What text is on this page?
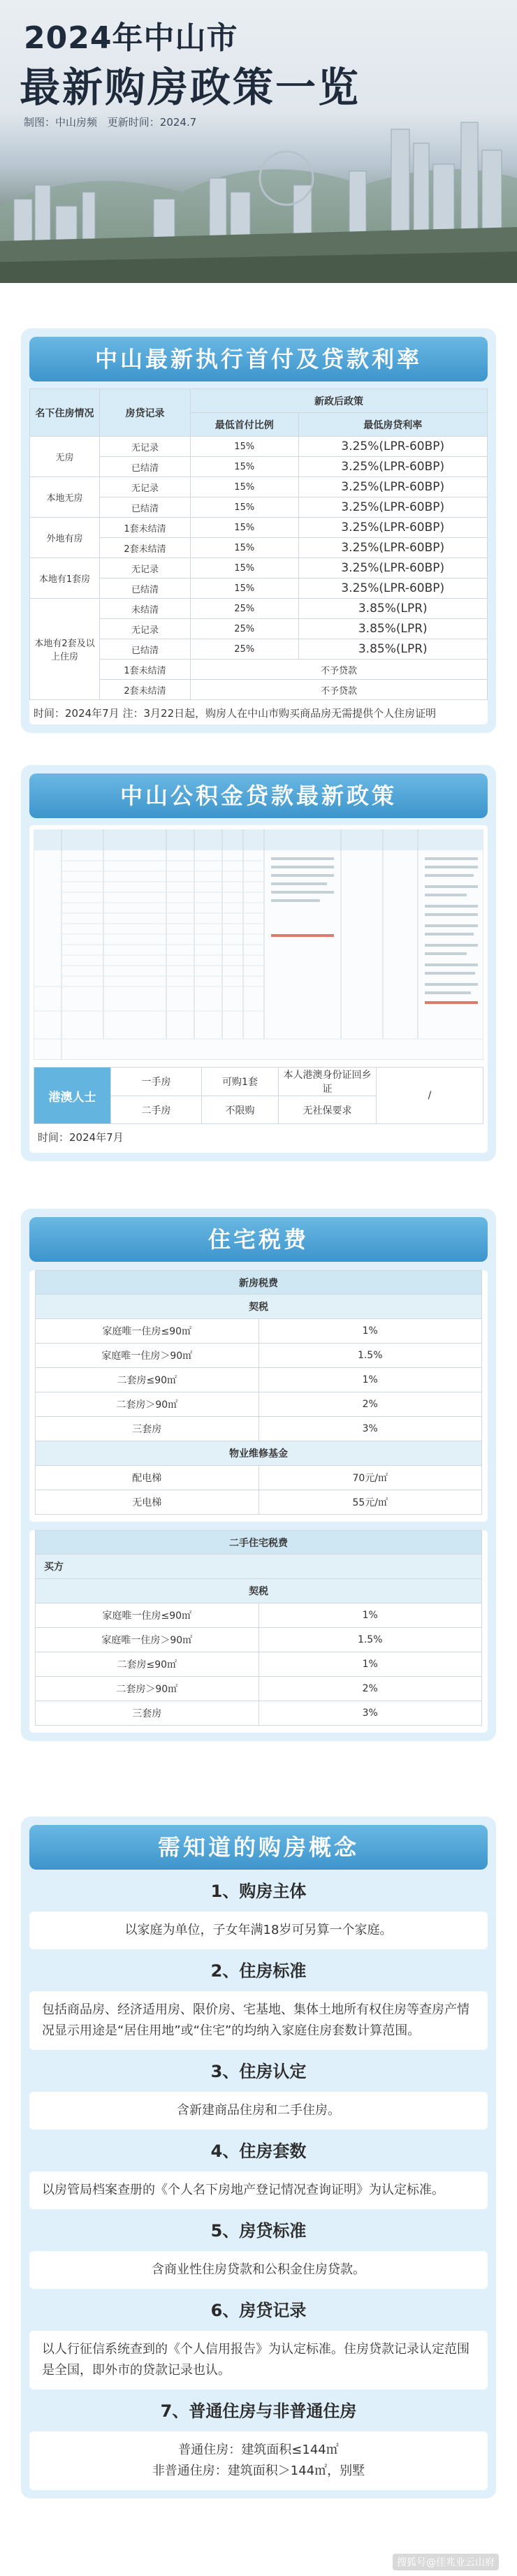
2024年中山市
最新购房政策一览
制图：中山房频 更新时间：2024.7
中山最新执行首付及贷款利率
名下住房情况	房贷记录	新政后政策	
		最低首付比例	最低房贷利率
无房	无记录	15%	3.25%(LPR-60BP)
	已结清	15%	3.25%(LPR-60BP)
本地无房	无记录	15%	3.25%(LPR-60BP)
	已结清	15%	3.25%(LPR-60BP)
外地有房	1套未结清	15%	3.25%(LPR-60BP)
	2套未结清	15%	3.25%(LPR-60BP)
本地有1套房	无记录	15%	3.25%(LPR-60BP)
	已结清	15%	3.25%(LPR-60BP)
本地有2套及以上住房	未结清	25%	3.85%(LPR)
	无记录	25%	3.85%(LPR)
	已结清	25%	3.85%(LPR)
	1套未结清	不予贷款	
	2套未结清	不予贷款	
时间：2024年7月 注：3月22日起，购房人在中山市购买商品房无需提供个人住房证明
中山公积金贷款最新政策
港澳人士	一手房	可购1套	本人港澳身份证回乡证	/
	二手房	不限购	无社保要求	
时间：2024年7月
住宅税费
新房税费	
契税	
家庭唯一住房≤90㎡	1%
家庭唯一住房＞90㎡	1.5%
二套房≤90㎡	1%
二套房＞90㎡	2%
三套房	3%
物业维修基金	
配电梯	70元/㎡
无电梯	55元/㎡
二手住宅税费	
买方	
契税	
家庭唯一住房≤90㎡	1%
家庭唯一住房＞90㎡	1.5%
二套房≤90㎡	1%
二套房＞90㎡	2%
三套房	3%
需知道的购房概念
1、购房主体
以家庭为单位，子女年满18岁可另算一个家庭。
2、住房标准
包括商品房、经济适用房、限价房、宅基地、集体土地所有权住房等查房产情况显示用途是“居住用地”或“住宅”的均纳入家庭住房套数计算范围。
3、住房认定
含新建商品住房和二手住房。
4、住房套数
以房管局档案查册的《个人名下房地产登记情况查询证明》为认定标准。
5、房贷标准
含商业性住房贷款和公积金住房贷款。
6、房贷记录
以人行征信系统查到的《个人信用报告》为认定标准。住房贷款记录认定范围是全国，即外市的贷款记录也认。
7、普通住房与非普通住房
普通住房：建筑面积≤144㎡
非普通住房：建筑面积＞144㎡，别墅
搜狐号@佳兆业云山府
